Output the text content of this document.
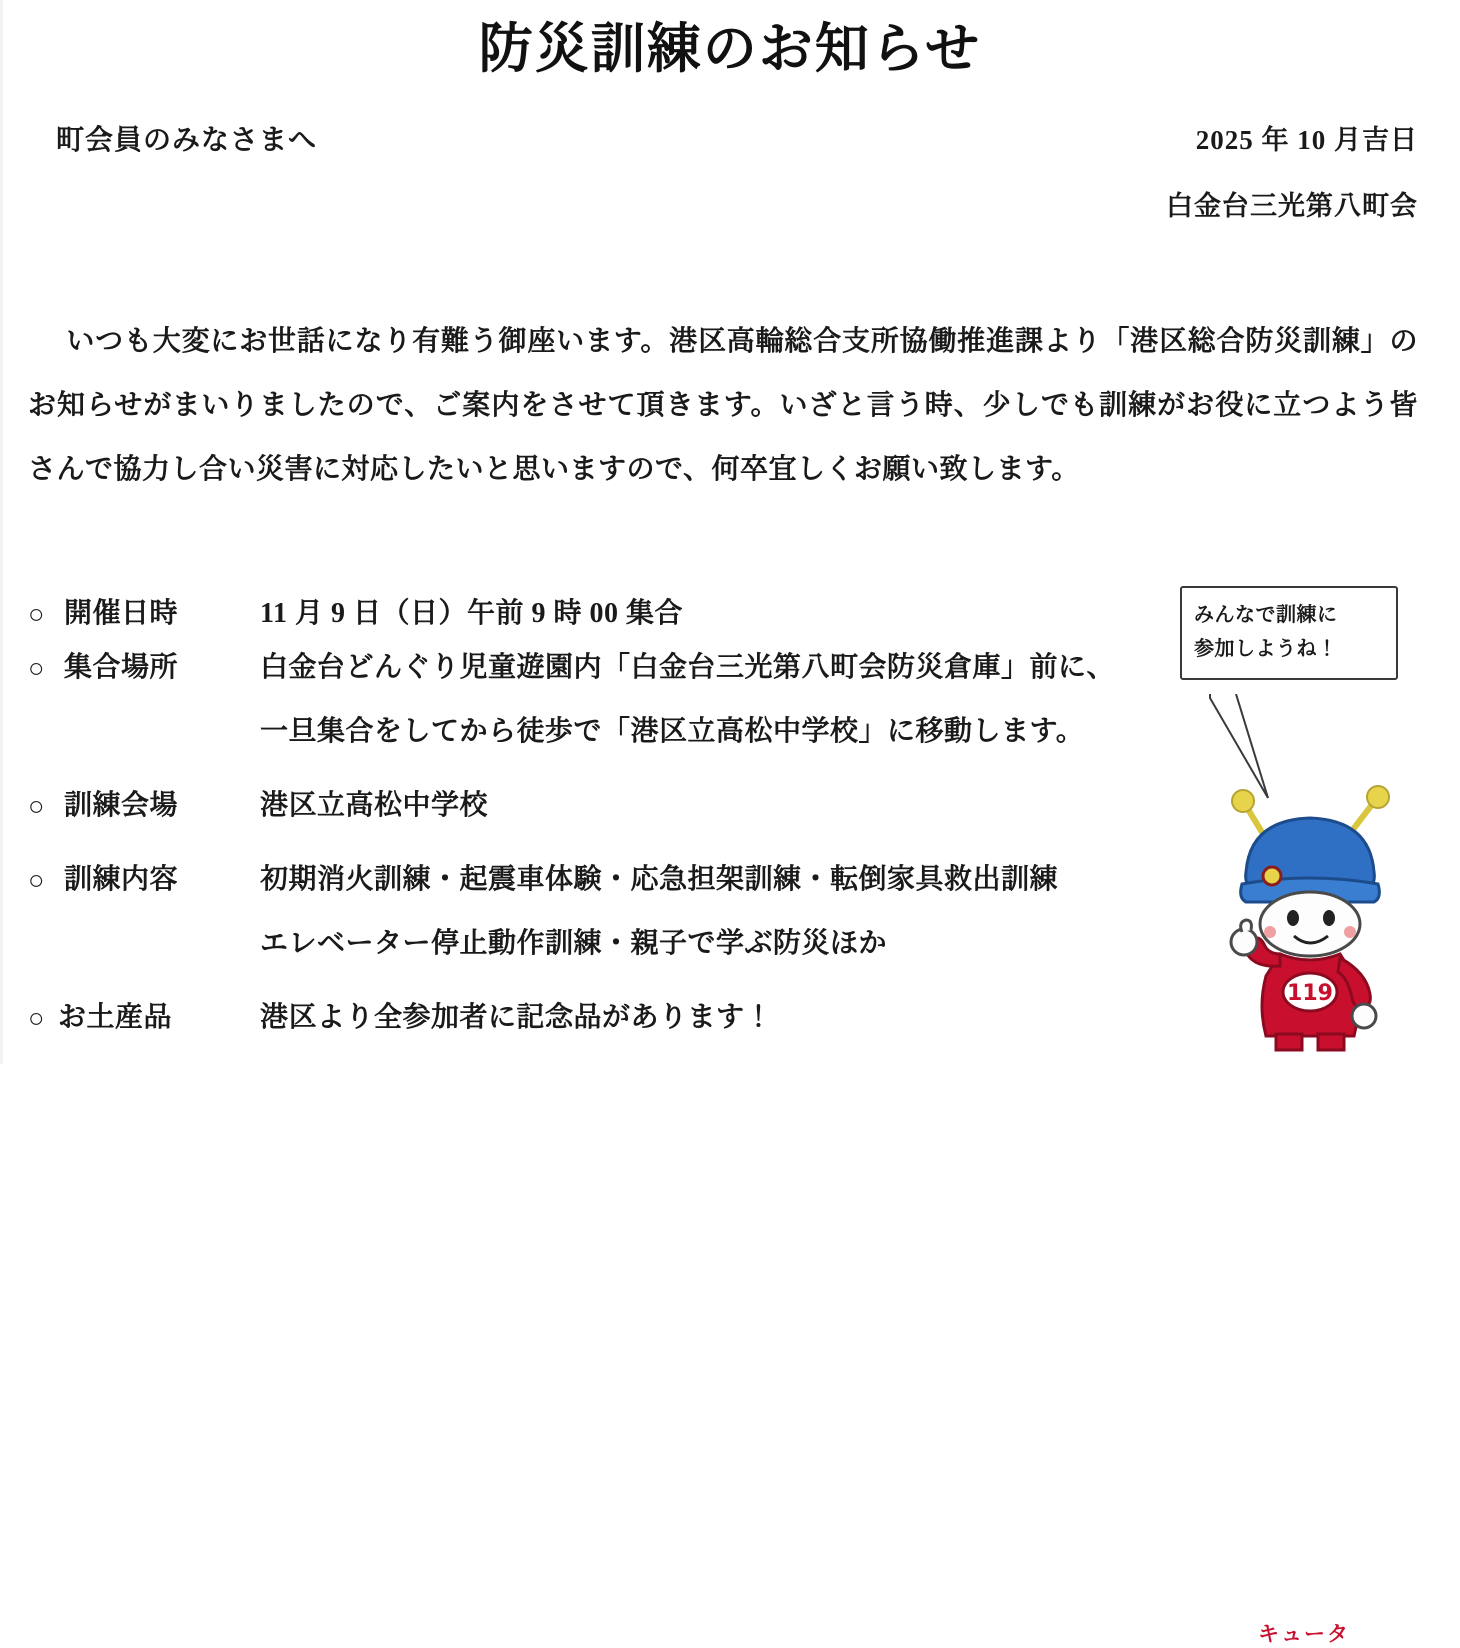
防災訓練のお知らせ
町会員のみなさまへ	2025 年 10 月吉日
白金台三光第八町会
いつも大変にお世話になり有難う御座います。港区高輪総合支所協働推進課より「港区総合防災訓練」のお知らせがまいりましたので、ご案内をさせて頂きます。いざと言う時、少しでも訓練がお役に立つよう皆さんで協力し合い災害に対応したいと思いますので、何卒宜しくお願い致します。
○ 開催日時	11 月 9 日（日）午前 9 時 00 集合
○ 集合場所	白金台どんぐり児童遊園内「白金台三光第八町会防災倉庫」前に、
一旦集合をしてから徒歩で「港区立高松中学校」に移動します。
○ 訓練会場	港区立高松中学校
○ 訓練内容	初期消火訓練・起震車体験・応急担架訓練・転倒家具救出訓練
エレベーター停止動作訓練・親子で学ぶ防災ほか
○ お土産品	港区より全参加者に記念品があります！
みんなで訓練に
参加しようね！
119
キュータ
